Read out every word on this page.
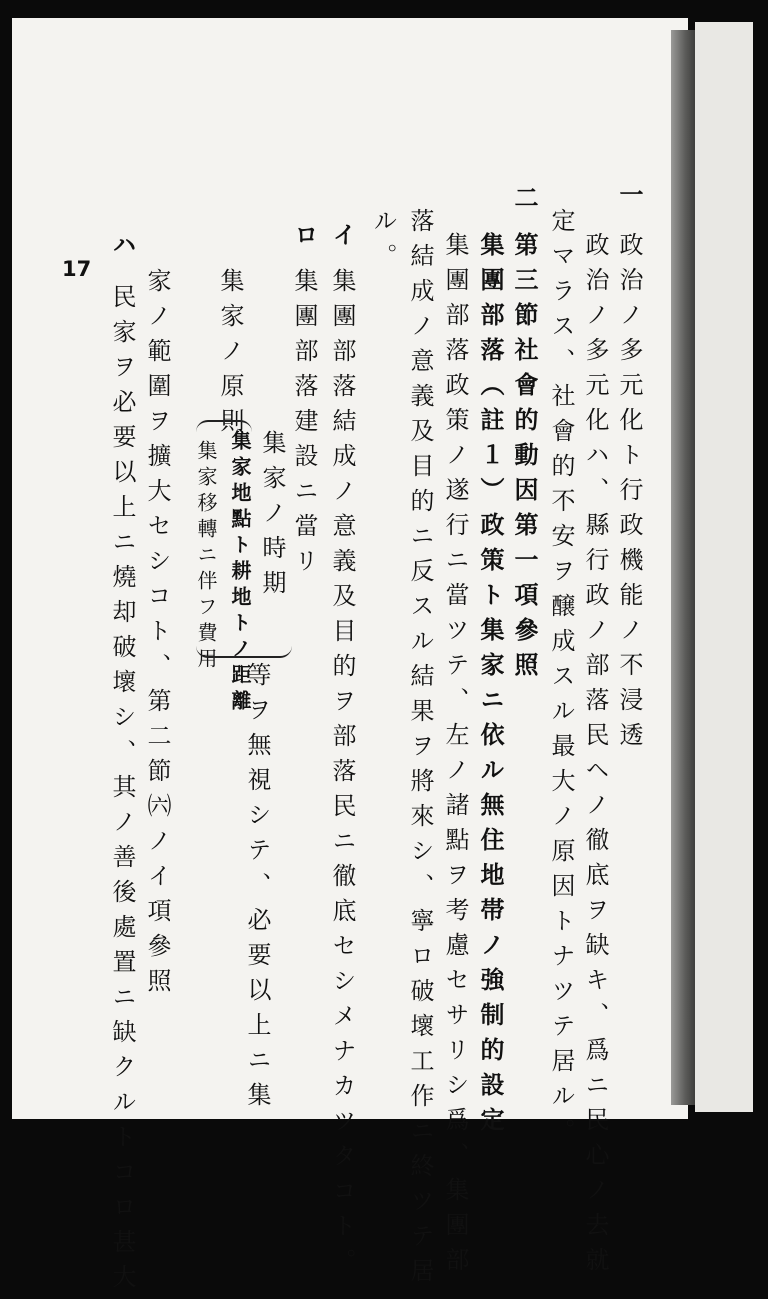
一
政治ノ多元化ト行政機能ノ不浸透
政治ノ多元化ハ、縣行政ノ部落民ヘノ徹底ヲ缺キ、爲ニ民心ノ去就
定マラス、社會的不安ヲ醸成スル最大ノ原因トナツテ居ル。
二
第三節社會的動因第一項參照
集團部落（註１）政策ト集家ニ依ル無住地帯ノ強制的設定
集團部落政策ノ遂行ニ當ツテ、左ノ諸點ヲ考慮セサリシ爲、集團部
落結成ノ意義及目的ニ反スル結果ヲ將來シ、寧ロ破壞工作ニ終ツテ居
ル。
イ
集團部落結成ノ意義及目的ヲ部落民ニ徹底セシメナカツタコト。
ロ
集團部落建設ニ當リ
集家ノ時期
集家地點ト耕地トノ距離
集家移轉ニ伴フ費用
集家ノ原則
等ヲ無視シテ、必要以上ニ集
家ノ範圍ヲ擴大セシコト、第二節㈥ノイ項參照
ハ
民家ヲ必要以上ニ燒却破壞シ、其ノ善後處置ニ缺クルトコロ甚大
17
